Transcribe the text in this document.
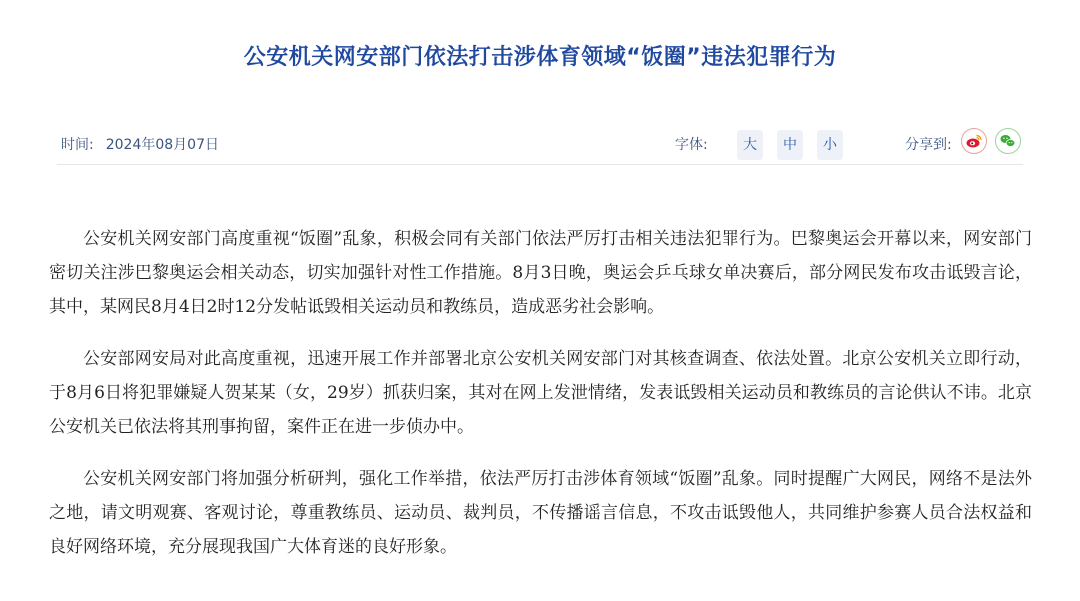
公安机关网安部门依法打击涉体育领域“饭圈”违法犯罪行为
时间: 2024年08月07日	字体:	大	中	小	分享到:

公安机关网安部门高度重视“饭圈”乱象，积极会同有关部门依法严厉打击相关违法犯罪行为。巴黎奥运会开幕以来，网安部门密切关注涉巴黎奥运会相关动态，切实加强针对性工作措施。8月3日晚，奥运会乒乓球女单决赛后，部分网民发布攻击诋毁言论，其中，某网民8月4日2时12分发帖诋毁相关运动员和教练员，造成恶劣社会影响。

公安部网安局对此高度重视，迅速开展工作并部署北京公安机关网安部门对其核查调查、依法处置。北京公安机关立即行动，于8月6日将犯罪嫌疑人贺某某（女，29岁）抓获归案，其对在网上发泄情绪，发表诋毁相关运动员和教练员的言论供认不讳。北京公安机关已依法将其刑事拘留，案件正在进一步侦办中。

公安机关网安部门将加强分析研判，强化工作举措，依法严厉打击涉体育领域“饭圈”乱象。同时提醒广大网民，网络不是法外之地，请文明观赛、客观讨论，尊重教练员、运动员、裁判员，不传播谣言信息，不攻击诋毁他人，共同维护参赛人员合法权益和良好网络环境，充分展现我国广大体育迷的良好形象。
